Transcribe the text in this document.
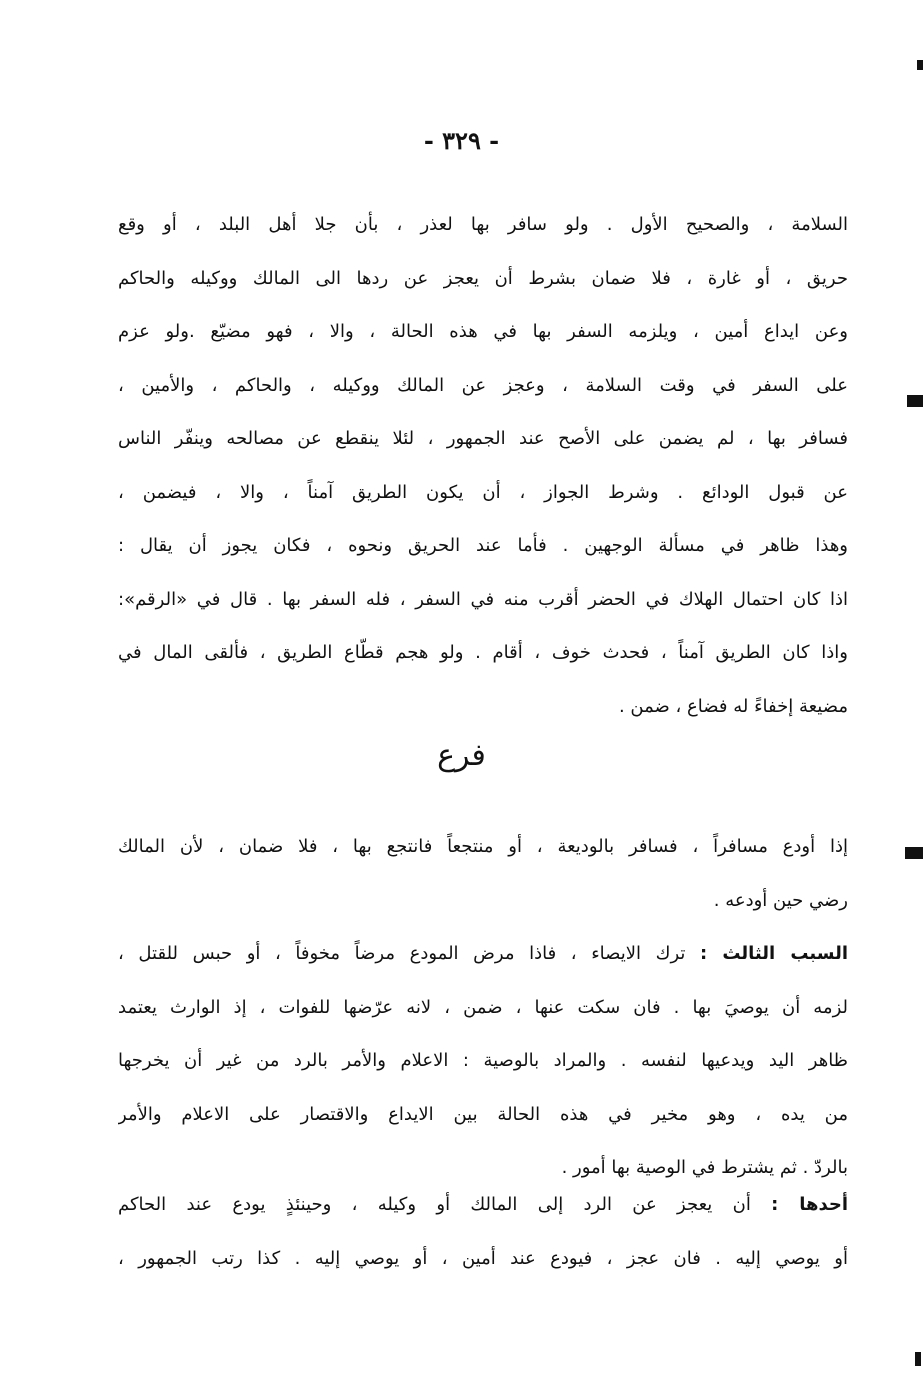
- ٣٢٩ -
السلامة ، والصحيح الأول . ولو سافر بها لعذر ، بأن جلا أهل البلد ، أو وقع
حريق ، أو غارة ، فلا ضمان بشرط أن يعجز عن ردها الى المالك ووكيله والحاكم
وعن ايداع أمين ، ويلزمه السفر بها في هذه الحالة ، والا ، فهو مضيّع .ولو عزم
على السفر في وقت السلامة ، وعجز عن المالك ووكيله ، والحاكم ، والأمين ،
فسافر بها ، لم يضمن على الأصح عند الجمهور ، لئلا ينقطع عن مصالحه وينفّر الناس
عن قبول الودائع . وشرط الجواز ، أن يكون الطريق آمناً ، والا ، فيضمن ،
وهذا ظاهر في مسألة الوجهين . فأما عند الحريق ونحوه ، فكان يجوز أن يقال :
اذا كان احتمال الهلاك في الحضر أقرب منه في السفر ، فله السفر بها . قال في «الرقم»:
واذا كان الطريق آمناً ، فحدث خوف ، أقام . ولو هجم قطّاع الطريق ، فألقى المال في
مضيعة إخفاءً له فضاع ، ضمن .
فرع
إذا أودع مسافراً ، فسافر بالوديعة ، أو منتجعاً فانتجع بها ، فلا ضمان ، لأن المالك
رضي حين أودعه .
السبب الثالث : ترك الايصاء ، فاذا مرض المودع مرضاً مخوفاً ، أو حبس للقتل ،
لزمه أن يوصيَ بها . فان سكت عنها ، ضمن ، لانه عرّضها للفوات ، إذ الوارث يعتمد
ظاهر اليد ويدعيها لنفسه . والمراد بالوصية : الاعلام والأمر بالرد من غير أن يخرجها
من يده ، وهو مخير في هذه الحالة بين الايداع والاقتصار على الاعلام والأمر
بالردّ . ثم يشترط في الوصية بها أمور .
أحدها : أن يعجز عن الرد إلى المالك أو وكيله ، وحينئذٍ يودع عند الحاكم
أو يوصي إليه . فان عجز ، فيودع عند أمين ، أو يوصي إليه . كذا رتب الجمهور ،
